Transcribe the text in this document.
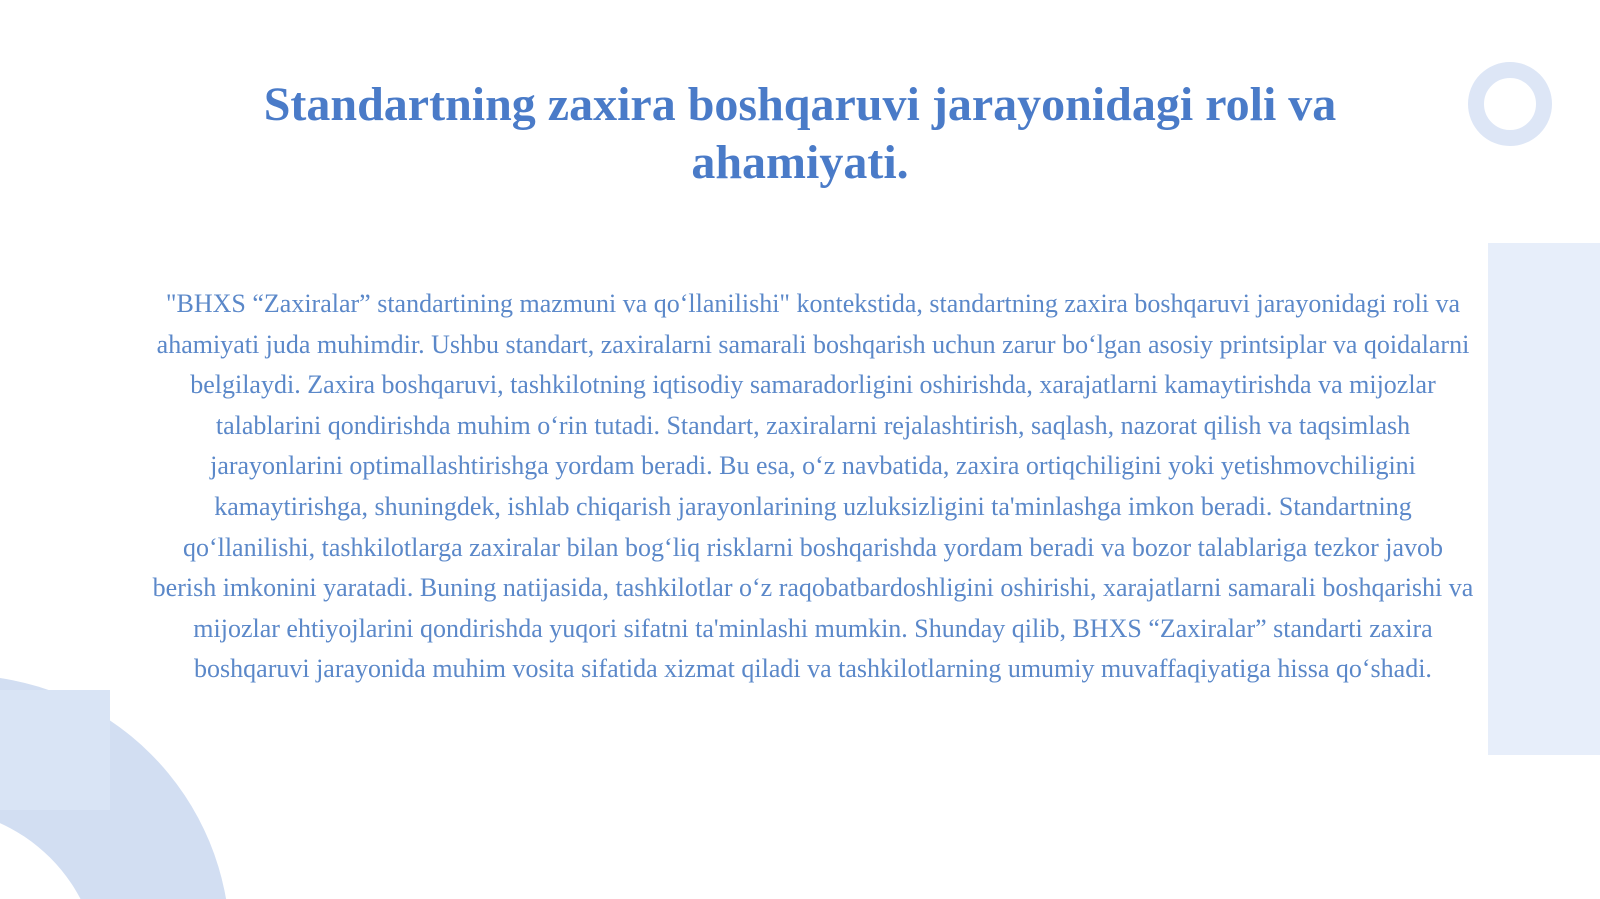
Standartning zaxira boshqaruvi jarayonidagi roli va ahamiyati.

"BHXS “Zaxiralar” standartining mazmuni va qo‘llanilishi" kontekstida, standartning zaxira boshqaruvi jarayonidagi roli va ahamiyati juda muhimdir. Ushbu standart, zaxiralarni samarali boshqarish uchun zarur bo‘lgan asosiy printsiplar va qoidalarni belgilaydi. Zaxira boshqaruvi, tashkilotning iqtisodiy samaradorligini oshirishda, xarajatlarni kamaytirishda va mijozlar talablarini qondirishda muhim o‘rin tutadi. Standart, zaxiralarni rejalashtirish, saqlash, nazorat qilish va taqsimlash jarayonlarini optimallashtirishga yordam beradi. Bu esa, o‘z navbatida, zaxira ortiqchiligini yoki yetishmovchiligini kamaytirishga, shuningdek, ishlab chiqarish jarayonlarining uzluksizligini ta'minlashga imkon beradi. Standartning qo‘llanilishi, tashkilotlarga zaxiralar bilan bog‘liq risklarni boshqarishda yordam beradi va bozor talablariga tezkor javob berish imkonini yaratadi. Buning natijasida, tashkilotlar o‘z raqobatbardoshligini oshirishi, xarajatlarni samarali boshqarishi va mijozlar ehtiyojlarini qondirishda yuqori sifatni ta'minlashi mumkin. Shunday qilib, BHXS “Zaxiralar” standarti zaxira boshqaruvi jarayonida muhim vosita sifatida xizmat qiladi va tashkilotlarning umumiy muvaffaqiyatiga hissa qo‘shadi.
